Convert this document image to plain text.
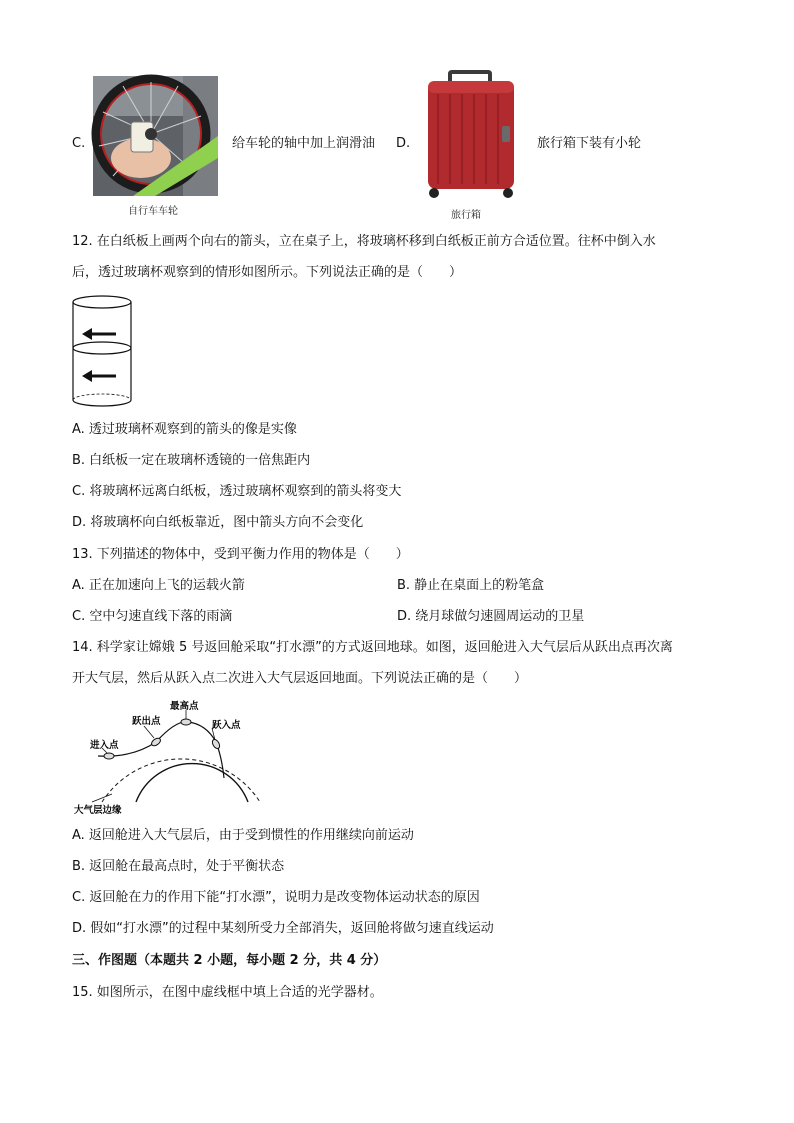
C.
自行车车轮
给车轮的轴中加上润滑油 D.
旅行箱
旅行箱下装有小轮
12. 在白纸板上画两个向右的箭头，立在桌子上，将玻璃杯移到白纸板正前方合适位置。往杯中倒入水
后，透过玻璃杯观察到的情形如图所示。下列说法正确的是（　　）
A. 透过玻璃杯观察到的箭头的像是实像
B. 白纸板一定在玻璃杯透镜的一倍焦距内
C. 将玻璃杯远离白纸板，透过玻璃杯观察到的箭头将变大
D. 将玻璃杯向白纸板靠近，图中箭头方向不会变化
13. 下列描述的物体中，受到平衡力作用的物体是（　　）
A. 正在加速向上飞的运载火箭	B. 静止在桌面上的粉笔盒
C. 空中匀速直线下落的雨滴	D. 绕月球做匀速圆周运动的卫星
14. 科学家让嫦娥 5 号返回舱采取“打水漂”的方式返回地球。如图，返回舱进入大气层后从跃出点再次离
开大气层，然后从跃入点二次进入大气层返回地面。下列说法正确的是（　　）
最高点
跃出点	跃入点
进入点
大气层边缘
A. 返回舱进入大气层后，由于受到惯性的作用继续向前运动
B. 返回舱在最高点时，处于平衡状态
C. 返回舱在力的作用下能“打水漂”，说明力是改变物体运动状态的原因
D. 假如“打水漂”的过程中某刻所受力全部消失，返回舱将做匀速直线运动
三、作图题（本题共 2 小题，每小题 2 分，共 4 分）
15. 如图所示，在图中虚线框中填上合适的光学器材。
